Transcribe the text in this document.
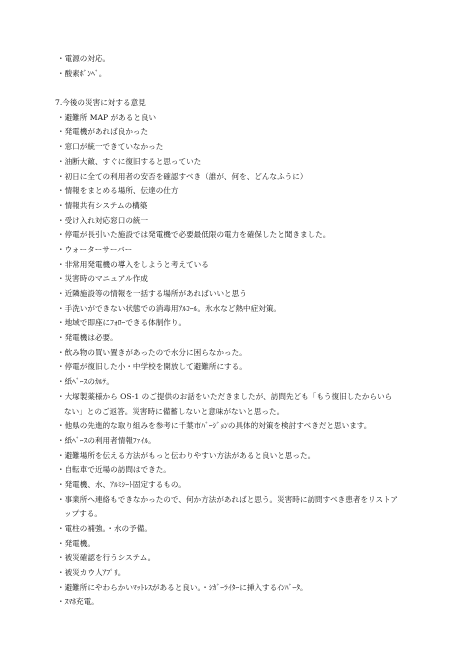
・電源の対応。
・酸素ﾎﾞﾝﾍﾞ。
7.今後の災害に対する意見
・避難所 MAP があると良い
・発電機があれば良かった
・窓口が統一できていなかった
・油断大敵、すぐに復旧すると思っていた
・初日に全ての利用者の安否を確認すべき（誰が、何を、どんなふうに）
・情報をまとめる場所、伝達の仕方
・情報共有システムの構築
・受け入れ対応窓口の統一
・停電が長引いた施設では発電機で必要最低限の電力を確保したと聞きました。
・ウォーターサーバー
・非常用発電機の導入をしようと考えている
・災害時のマニュアル作成
・近隣施設等の情報を一括する場所があればいいと思う
・手洗いができない状態での消毒用ｱﾙｺｰﾙ。氷水など熱中症対策。
・地域で即座にﾌｫﾛｰできる体制作り。
・発電機は必要。
・飲み物の買い置きがあったので水分に困らなかった。
・停電が復旧した小・中学校を開放して避難所にする。
・紙ﾍﾞｰｽのｶﾙﾃ。
・大塚製薬様から OS-1 のご提供のお話をいただきましたが、訪問先ども「もう復旧したからいら
ない」とのご返答。災害時に備蓄しないと意味がないと思った。
・他県の先進的な取り組みを参考に千葉市ﾊﾞｰｼﾞｮﾝの具体的対策を検討すべきだと思います。
・紙ﾍﾞｰｽの利用者情報ﾌｧｲﾙ。
・避難場所を伝える方法がもっと伝わりやすい方法があると良いと思った。
・自転車で近場の訪問はできた。
・発電機、水、ｱﾙﾐｼｰﾄ固定するもの。
・事業所へ連絡もできなかったので、何か方法があればと思う。災害時に訪問すべき患者をリストア
ップする。
・電柱の補強。・水の予備。
・発電機。
・被災確認を行うシステム。
・被災カウ人ｱﾌﾟﾘ。
・避難所にやわらかいﾏｯﾄﾚｽがあると良い。・ｼｶﾞｰﾗｲﾀｰに挿入するｲﾝﾊﾞｰﾀ。
・ｽﾏﾎ充電。
